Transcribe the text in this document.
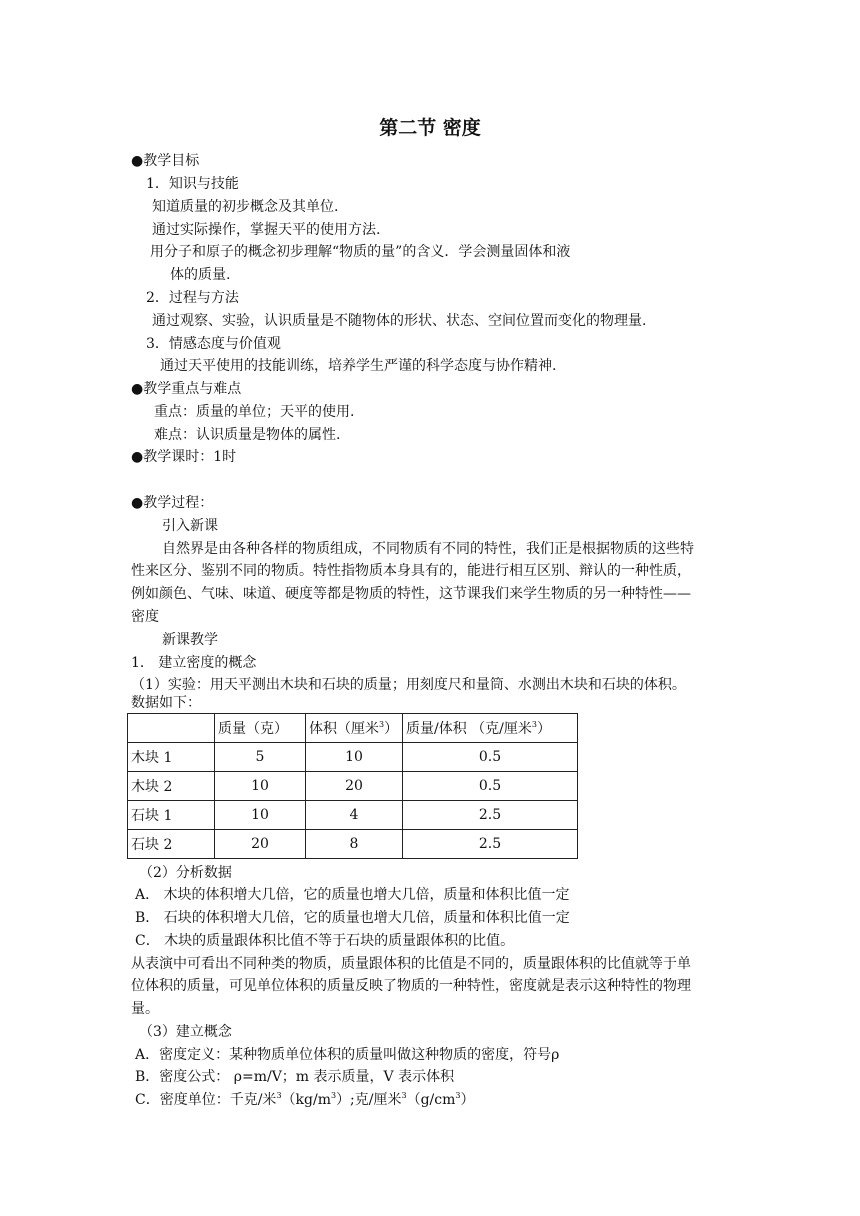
第二节 密度
●教学目标
1．知识与技能
知道质量的初步概念及其单位.
通过实际操作，掌握天平的使用方法.
用分子和原子的概念初步理解“物质的量”的含义．学会测量固体和液
体的质量.
2．过程与方法
通过观察、实验，认识质量是不随物体的形状、状态、空间位置而变化的物理量.
3．情感态度与价值观
通过天平使用的技能训练，培养学生严谨的科学态度与协作精神.
●教学重点与难点
重点：质量的单位；天平的使用.
难点：认识质量是物体的属性.
●教学课时：1时
●教学过程：
引入新课
自然界是由各种各样的物质组成，不同物质有不同的特性，我们正是根据物质的这些特
性来区分、鉴别不同的物质。特性指物质本身具有的，能进行相互区别、辩认的一种性质，
例如颜色、气味、味道、硬度等都是物质的特性，这节课我们来学生物质的另一种特性——
密度
新课教学
1． 建立密度的概念
（1）实验：用天平测出木块和石块的质量；用刻度尺和量筒、水测出木块和石块的体积。
数据如下：
	质量（克）	体积（厘米$^3$）	质量/体积 （克/厘米$^3$）
木块 1	5	10	0.5
木块 2	10	20	0.5
石块 1	10	4	2.5
石块 2	20	8	2.5
（2）分析数据
A． 木块的体积增大几倍，它的质量也增大几倍，质量和体积比值一定
B． 石块的体积增大几倍，它的质量也增大几倍，质量和体积比值一定
C． 木块的质量跟体积比值不等于石块的质量跟体积的比值。
从表演中可看出不同种类的物质，质量跟体积的比值是不同的，质量跟体积的比值就等于单
位体积的质量，可见单位体积的质量反映了物质的一种特性，密度就是表示这种特性的物理
量。
（3）建立概念
A．密度定义：某种物质单位体积的质量叫做这种物质的密度，符号ρ
B．密度公式： ρ=m/V；m 表示质量，V 表示体积
C．密度单位：千克/米$^3(kg/m^3)$;克/厘米$^3(g/cm^3)$
